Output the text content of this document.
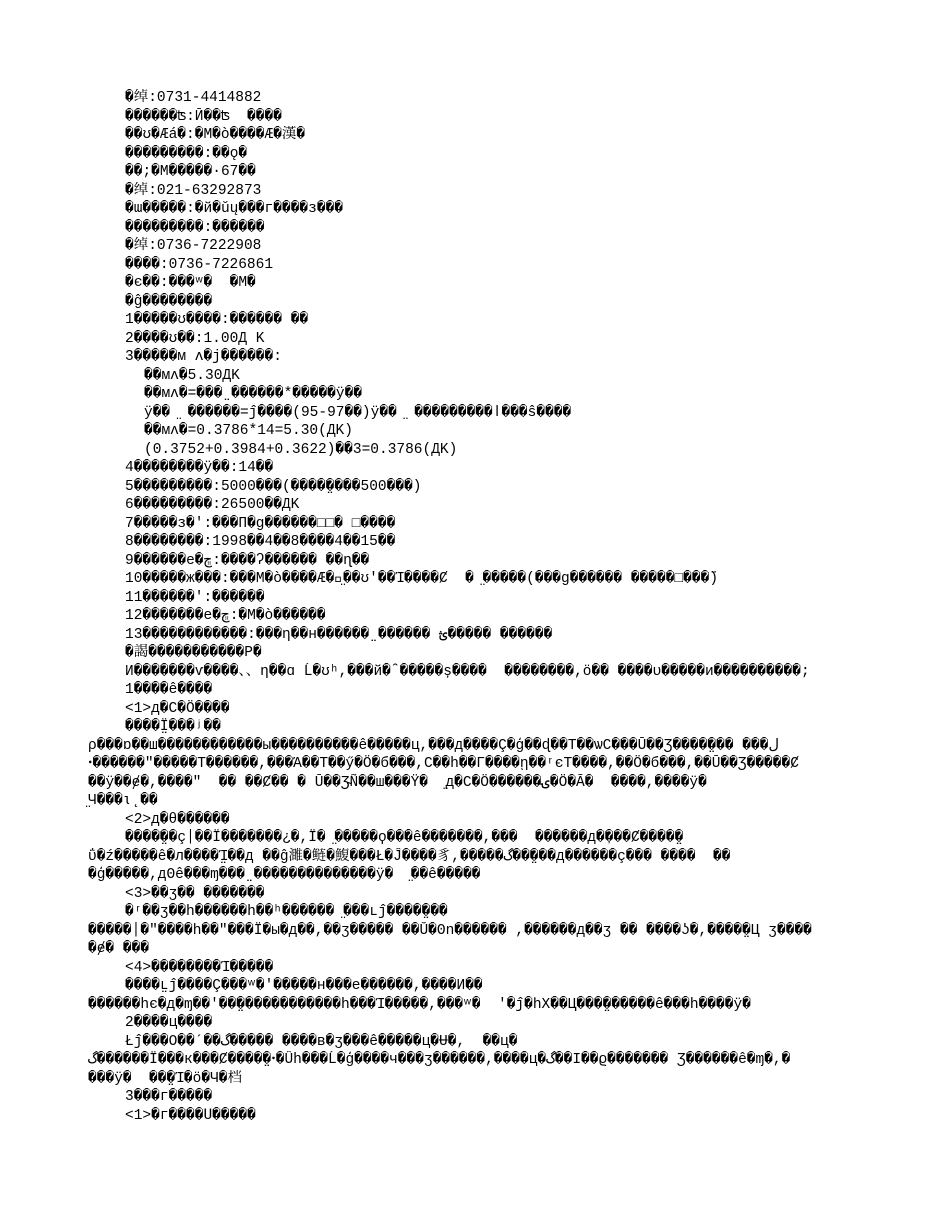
�绰:0731-4414882
������ʦ:Ӣ��ʦ  ����
��ʊ�Æá�:�M�ò����Æ�漢�
���������:��ǫ�
��;�M�����·67��
�绰:021-63292873
�ɯ�����:�й�ŭų���г����з���
���������:������
�绰:0736-7222908
����:0736-7226861
�є��:���ʷ�  �M�
�ĝ��������
1�����ʊ����:������ ��
2����ʊ��:1.00Д K
3�����м ʌ�j������:
��мʌ�5.30ДK
��мʌ�=���̤ ������*�����ÿ��
ÿ�� ̤ ������=ĵ����(95-97��)ÿ�� ̤ ���������ǀ���ŝ����
��мʌ�=0.3786*14=5.30(ДK)
(0.3752+0.3984+0.3622)��3=0.3786(ДK)
4��������ÿ��:14��
5���������:5000���(����̤����500���)
6���������:26500��ДK
7�����з�':���Π�g������□□� □����
8��������:1998��4��8����4��15��
9������e�ڇ:����ʔ������ ��ɳ��
10�����ж���:���М�ò����Æ�漢̤��ʊ'��Ί����Ȼ  � ̤�����(���g������ �����□���̈)
11������':������
12�������e�ڇ:�M�ò������
13������������:���η��н������̤ ������ ؿ����� ������
�謁�����������Ρ�
И�������ѵ����、、η��ɑ Ĺ�ʊʰ,���й�̑ �����ș����  ��������,ö�� ����ʋ�����и����������;
1����ê����
<1>д�С�Ö����
����̤Ï���ʲ��
ρ���ɒ��ш������������ы����������ê�����ц,���д����Ç�ģ��ɖ��Т��ѡС���Ū��Ʒ����̤��� ���ڷ
ꞏ������"�����Т������,���Ά��Т��ӳ�Ö�б���,С��h��Γ����ῃ��ʳєТ����,��Ö�б���,��Ū��Ʒ�����Ȼ
��ÿ��ɇ�,����"  �� ��Ȼ�� � Ū��Ʒ̴Ñ��ш���Ÿ�  ̤д�С�Ö������ۍ�Ö�Ā�  ����,����ÿ�
̤Ч���ɩ˛��
<2>д�θ������
����̤��ç׀��Ï�������¿�,Ï� ̤�����ϙ���ê�������,���  ������д�ֽ���Ȼ����̤�
ΰ�ź�����ê�л����̤Ί��д ��ĝ濉�鲢�鰒���Ł�Ĵ����豸,�����گ���̤��д������ç��� ����  ��
�ģ�����,дΘê���ɱ���̤ ��������������ÿ�  ̤��ê�����
<3>��ʒ�� �������
�ʳ��ʒ��h������h��ʰ������ ̤���ʟĵ����̤���
�����׀�"����h��"���Ï�ы�д��,��ʒ����� ��Ŭ�ʘn������ ,������д��ʒ �� ����ʖ�,����̤�Ц ʒ����
�ɇ� ���
<4>��������Ί�����
����̤ʟĵ����Ç���ʷ�'�����н���е������,����И��
������hє�д�ɱ��'��̤������������h���Ί�����,���ʷ�  '�ĵ�һХ��Ц���̤������ê���h����ÿ�
2����ц����
Łĵ���О��ˊ��گ����� ����в�ʒ���ê�����ц�Ʉ�,  ��ц�
گ������Ï���к���Ȼ����̤�ꞏ�Ȗh���Ĺ�ģ����ч���ʒ������,����ц�گ��Ι��ϱ������� Ʒ������ê�ɱ�,�
���ÿ�  ��̤�Ί�ö�Ч�档
3���г�����
<1>�г����Ս�����
